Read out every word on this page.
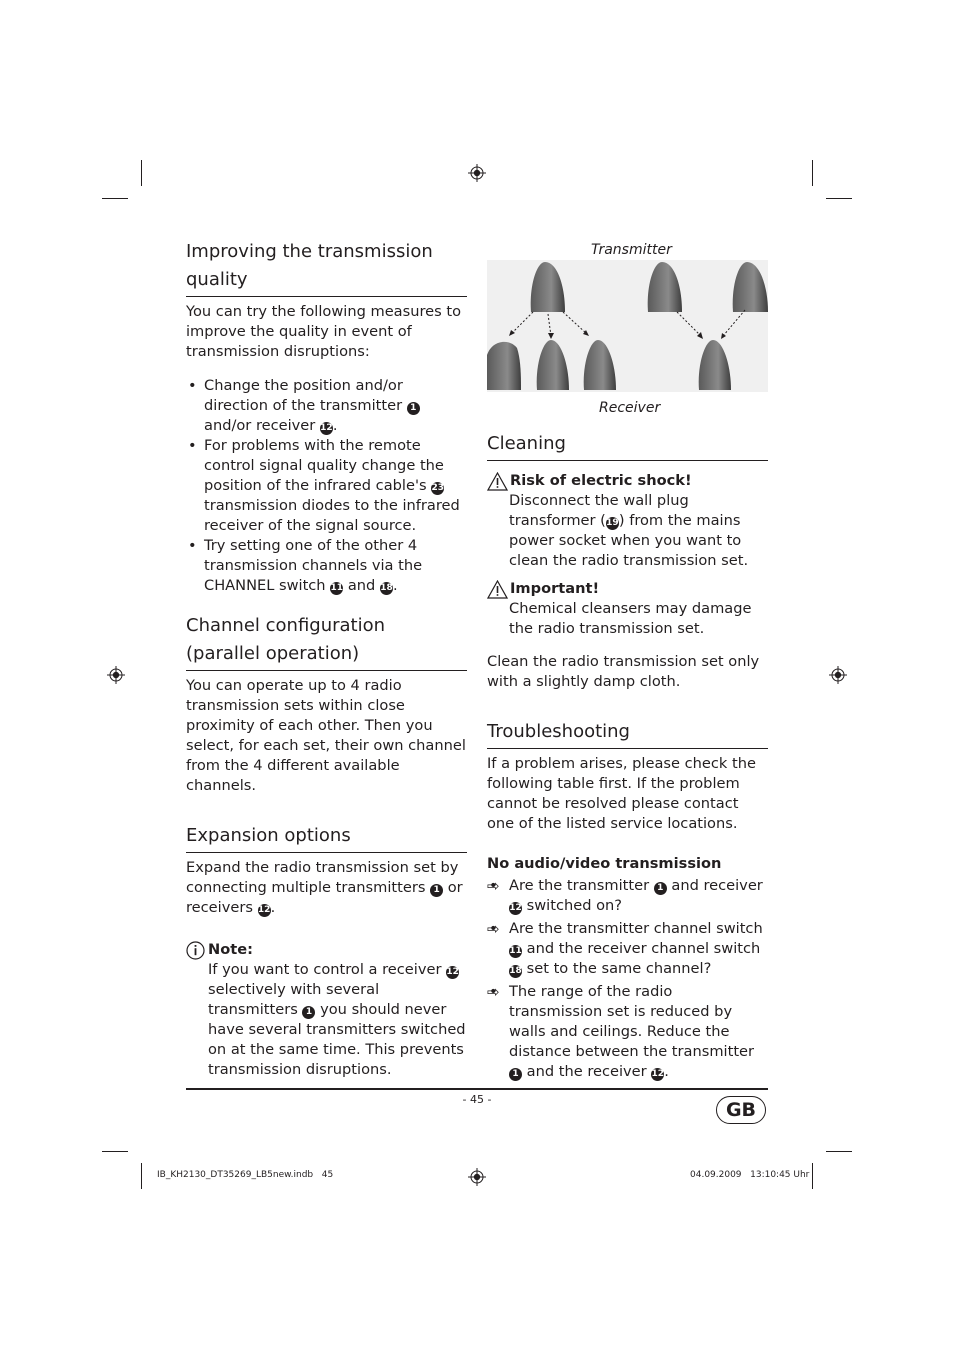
Improving the transmission quality

You can try the following measures to improve the quality in event of transmission disruptions:

• Change the position and/or direction of the transmitter 1 and/or receiver 12.
• For problems with the remote control signal quality change the position of the infrared cable's 23 transmission diodes to the infrared receiver of the signal source.
• Try setting one of the other 4 transmission channels via the CHANNEL switch 11 and 18.
Channel configuration
(parallel operation)

You can operate up to 4 radio transmission sets within close proximity of each other. Then you select, for each set, their own channel from the 4 different available channels.

Expansion options

Expand the radio transmission set by connecting multiple transmitters 1 or receivers 12.

Note:

If you want to control a receiver 12 selectively with several transmitters 1 you should never have several transmitters switched on at the same time. This prevents transmission disruptions.

Transmitter
Receiver
Cleaning
Risk of electric shock!

Disconnect the wall plug transformer (19) from the mains power socket when you want to clean the radio transmission set.

Important!

Chemical cleansers may damage the radio transmission set.

Clean the radio transmission set only with a slightly damp cloth.

Troubleshooting

If a problem arises, please check the following table first. If the problem cannot be resolved please contact one of the listed service locations.

No audio/video transmission

• ⇨ Are the transmitter 1 and receiver 12 switched on?
• ⇨ Are the transmitter channel switch 11 and the receiver channel switch 18 set to the same channel?
• ⇨ The range of the radio transmission set is reduced by walls and ceilings. Reduce the distance between the transmitter 1 and the receiver 12.
- 45 -	GB
IB_KH2130_DT35269_LB5new.indb   45	04.09.2009   13:10:45 Uhr
